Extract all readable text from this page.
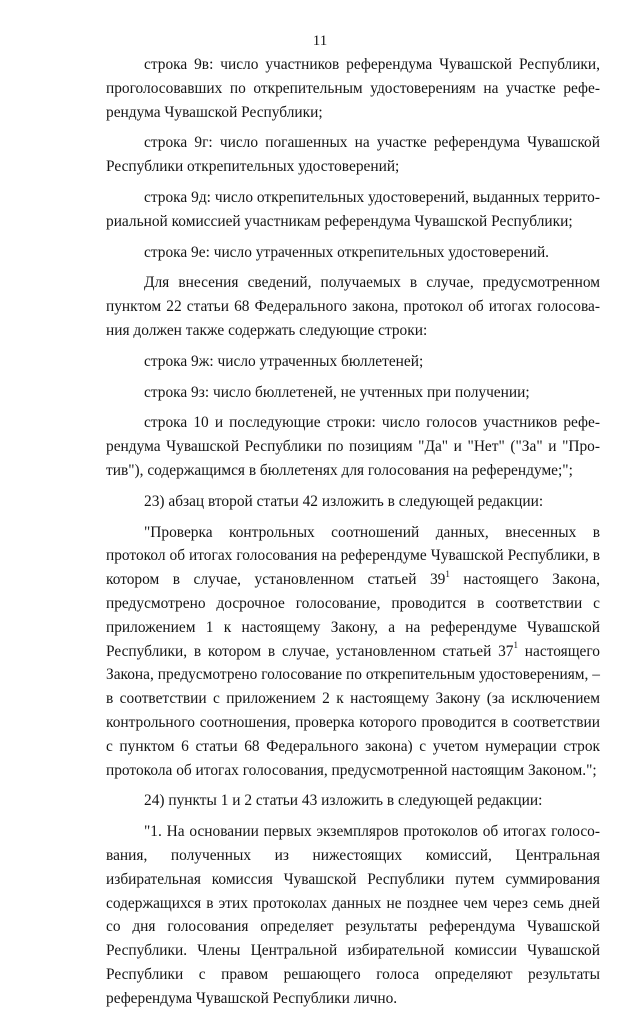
11

строка 9в: число участников референдума Чувашской Республики, проголосовавших по открепительным удостоверениям на участке референдума Чувашской Республики;

строка 9г: число погашенных на участке референдума Чувашской Республики открепительных удостоверений;

строка 9д: число открепительных удостоверений, выданных территориальной комиссией участникам референдума Чувашской Республики;

строка 9е: число утраченных открепительных удостоверений.

Для внесения сведений, получаемых в случае, предусмотренном пунктом 22 статьи 68 Федерального закона, протокол об итогах голосования должен также содержать следующие строки:

строка 9ж: число утраченных бюллетеней;

строка 9з: число бюллетеней, не учтенных при получении;

строка 10 и последующие строки: число голосов участников референдума Чувашской Республики по позициям "Да" и "Нет" ("За" и "Против"), содержащимся в бюллетенях для голосования на референдуме;";

23) абзац второй статьи 42 изложить в следующей редакции:

"Проверка контрольных соотношений данных, внесенных в протокол об итогах голосования на референдуме Чувашской Республики, в котором в случае, установленном статьей $39^1$ настоящего Закона, предусмотрено досрочное голосование, проводится в соответствии с приложением 1 к настоящему Закону, а на референдуме Чувашской Республики, в котором в случае, установленном статьей $37^1$ настоящего Закона, предусмотрено голосование по открепительным удостоверениям, – в соответствии с приложением 2 к настоящему Закону (за исключением контрольного соотношения, проверка которого проводится в соответствии с пунктом 6 статьи 68 Федерального закона) с учетом нумерации строк протокола об итогах голосования, предусмотренной настоящим Законом.";

24) пункты 1 и 2 статьи 43 изложить в следующей редакции:

"1. На основании первых экземпляров протоколов об итогах голосования, полученных из нижестоящих комиссий, Центральная избирательная комиссия Чувашской Республики путем суммирования содержащихся в этих протоколах данных не позднее чем через семь дней со дня голосования определяет результаты референдума Чувашской Республики. Члены Центральной избирательной комиссии Чувашской Республики с правом решающего голоса определяют результаты референдума Чувашской Республики лично.
